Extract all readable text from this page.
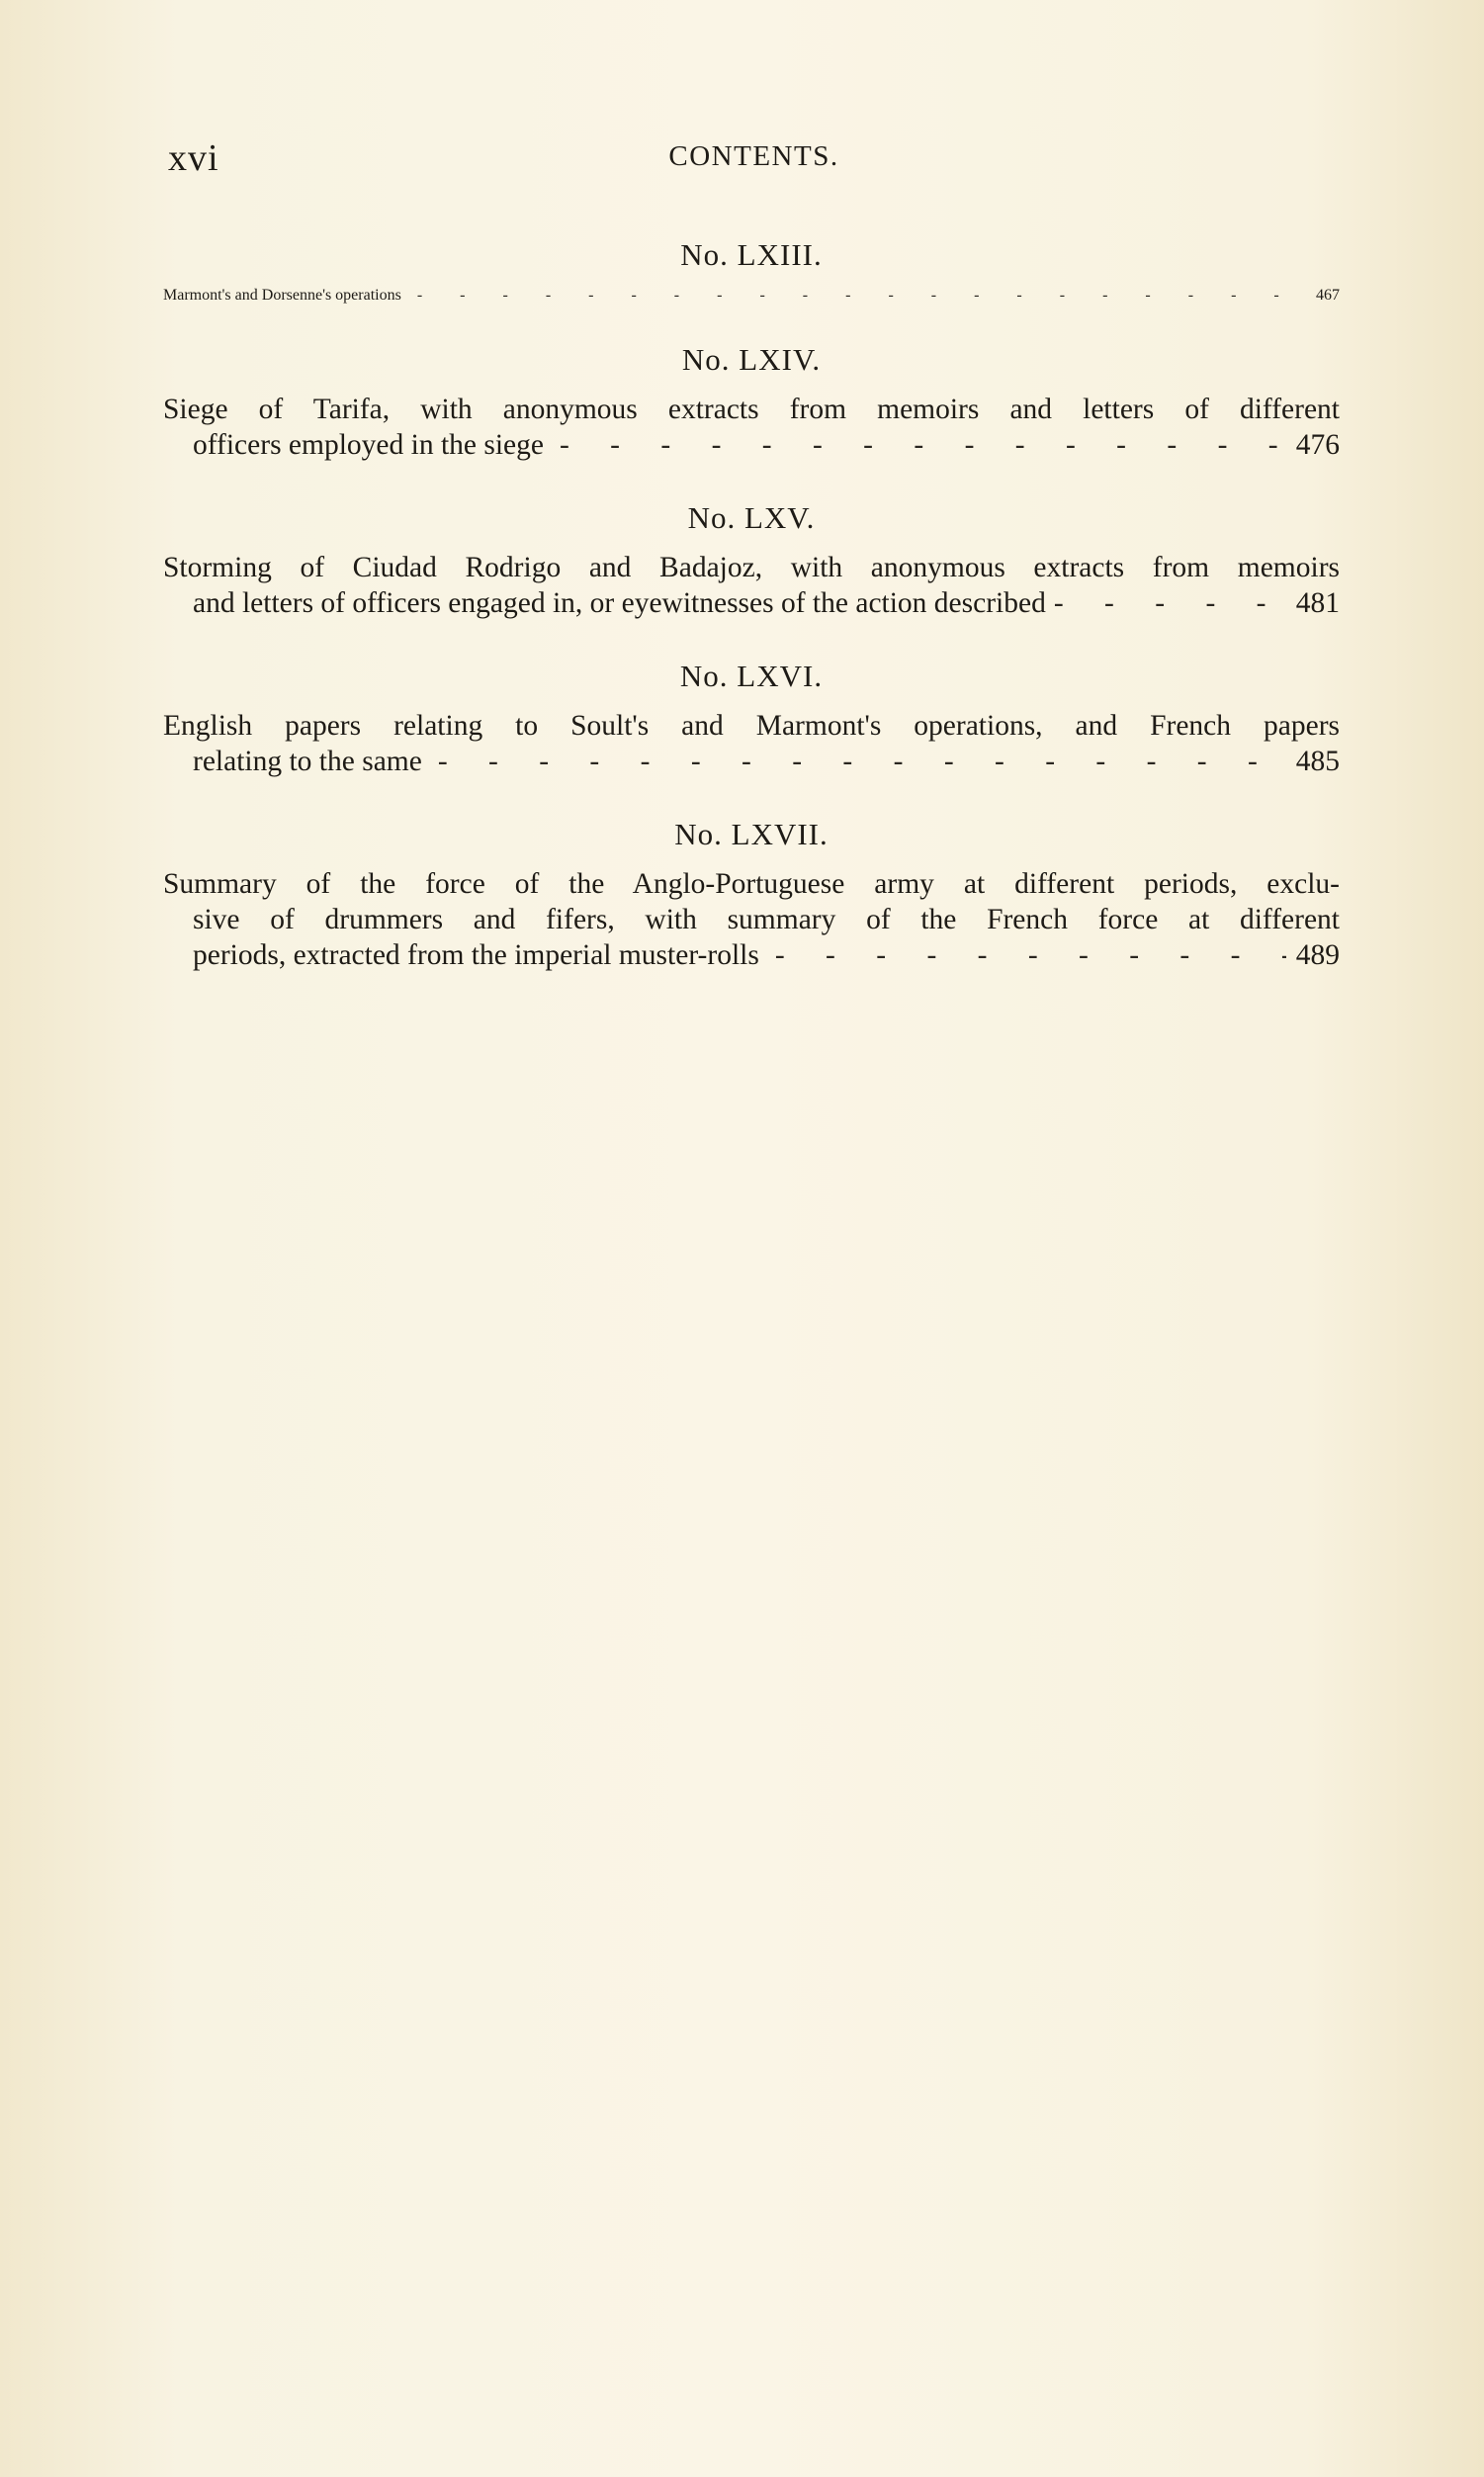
xvi	CONTENTS.
No. LXIII.
Marmont's and Dorsenne's operations - - -	467
No. LXIV.
Siege of Tarifa, with anonymous extracts from memoirs and letters of different
officers employed in the siege - - -	476
No. LXV.
Storming of Ciudad Rodrigo and Badajoz, with anonymous extracts from memoirs
and letters of officers engaged in, or eyewitnesses of the action described - - -	481
No. LXVI.
English papers relating to Soult's and Marmont's operations, and French papers
relating to the same - - -	485
No. LXVII.
Summary of the force of the Anglo-Portuguese army at different periods, exclu-
sive of drummers and fifers, with summary of the French force at different
periods, extracted from the imperial muster-rolls - - -	489
